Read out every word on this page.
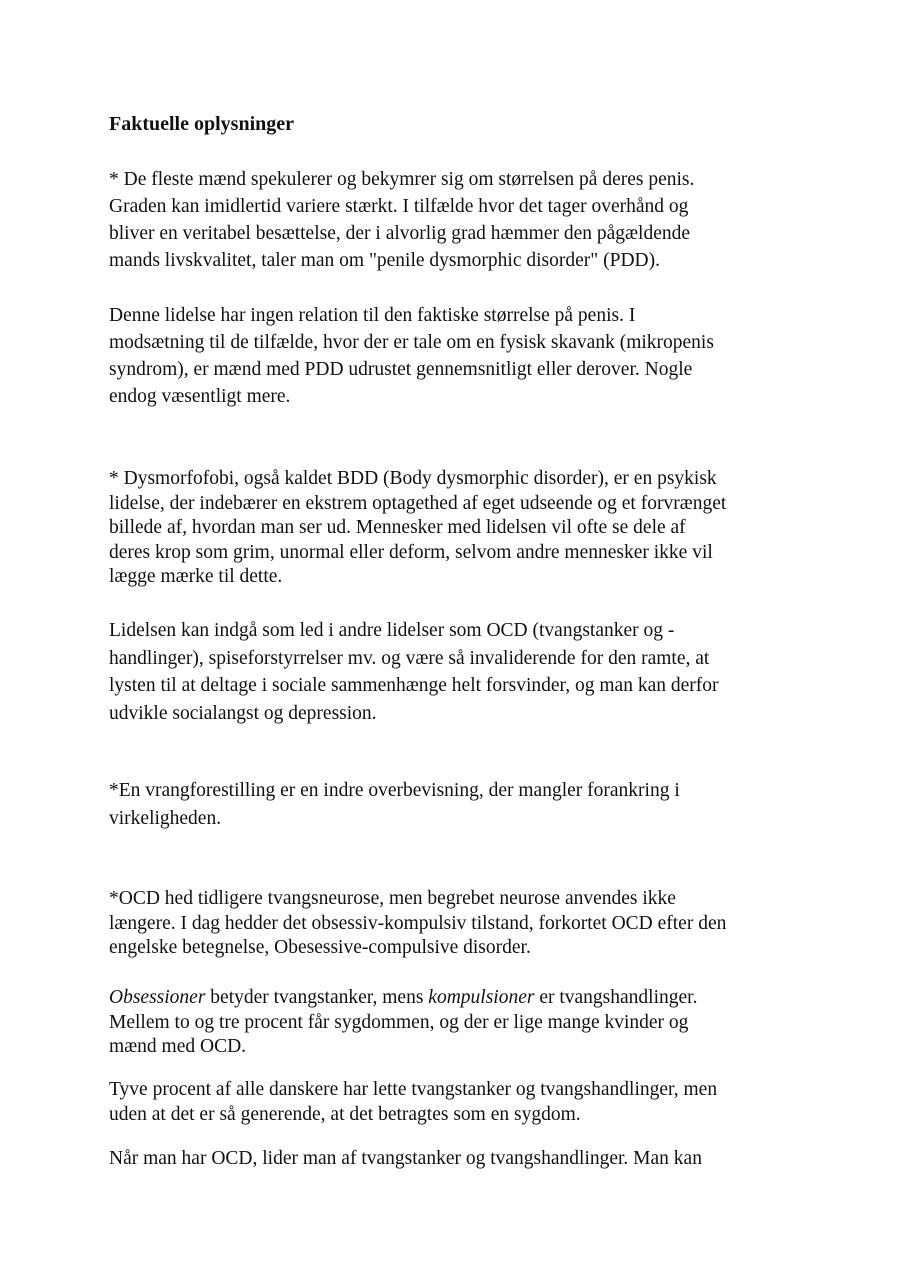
Faktuelle oplysninger

* De fleste mænd spekulerer og bekymrer sig om størrelsen på deres penis.
Graden kan imidlertid variere stærkt. I tilfælde hvor det tager overhånd og
bliver en veritabel besættelse, der i alvorlig grad hæmmer den pågældende
mands livskvalitet, taler man om "penile dysmorphic disorder" (PDD).

Denne lidelse har ingen relation til den faktiske størrelse på penis. I
modsætning til de tilfælde, hvor der er tale om en fysisk skavank (mikropenis
syndrom), er mænd med PDD udrustet gennemsnitligt eller derover. Nogle
endog væsentligt mere.

* Dysmorfofobi, også kaldet BDD (Body dysmorphic disorder), er en psykisk
lidelse, der indebærer en ekstrem optagethed af eget udseende og et forvrænget
billede af, hvordan man ser ud. Mennesker med lidelsen vil ofte se dele af
deres krop som grim, unormal eller deform, selvom andre mennesker ikke vil
lægge mærke til dette.

Lidelsen kan indgå som led i andre lidelser som OCD (tvangstanker og -
handlinger), spiseforstyrrelser mv. og være så invaliderende for den ramte, at
lysten til at deltage i sociale sammenhænge helt forsvinder, og man kan derfor
udvikle socialangst og depression.

*En vrangforestilling er en indre overbevisning, der mangler forankring i
virkeligheden.

*OCD hed tidligere tvangsneurose, men begrebet neurose anvendes ikke
længere. I dag hedder det obsessiv-kompulsiv tilstand, forkortet OCD efter den
engelske betegnelse, Obesessive-compulsive disorder.

Obsessioner betyder tvangstanker, mens kompulsioner er tvangshandlinger.
Mellem to og tre procent får sygdommen, og der er lige mange kvinder og
mænd med OCD.

Tyve procent af alle danskere har lette tvangstanker og tvangshandlinger, men
uden at det er så generende, at det betragtes som en sygdom.

Når man har OCD, lider man af tvangstanker og tvangshandlinger. Man kan
